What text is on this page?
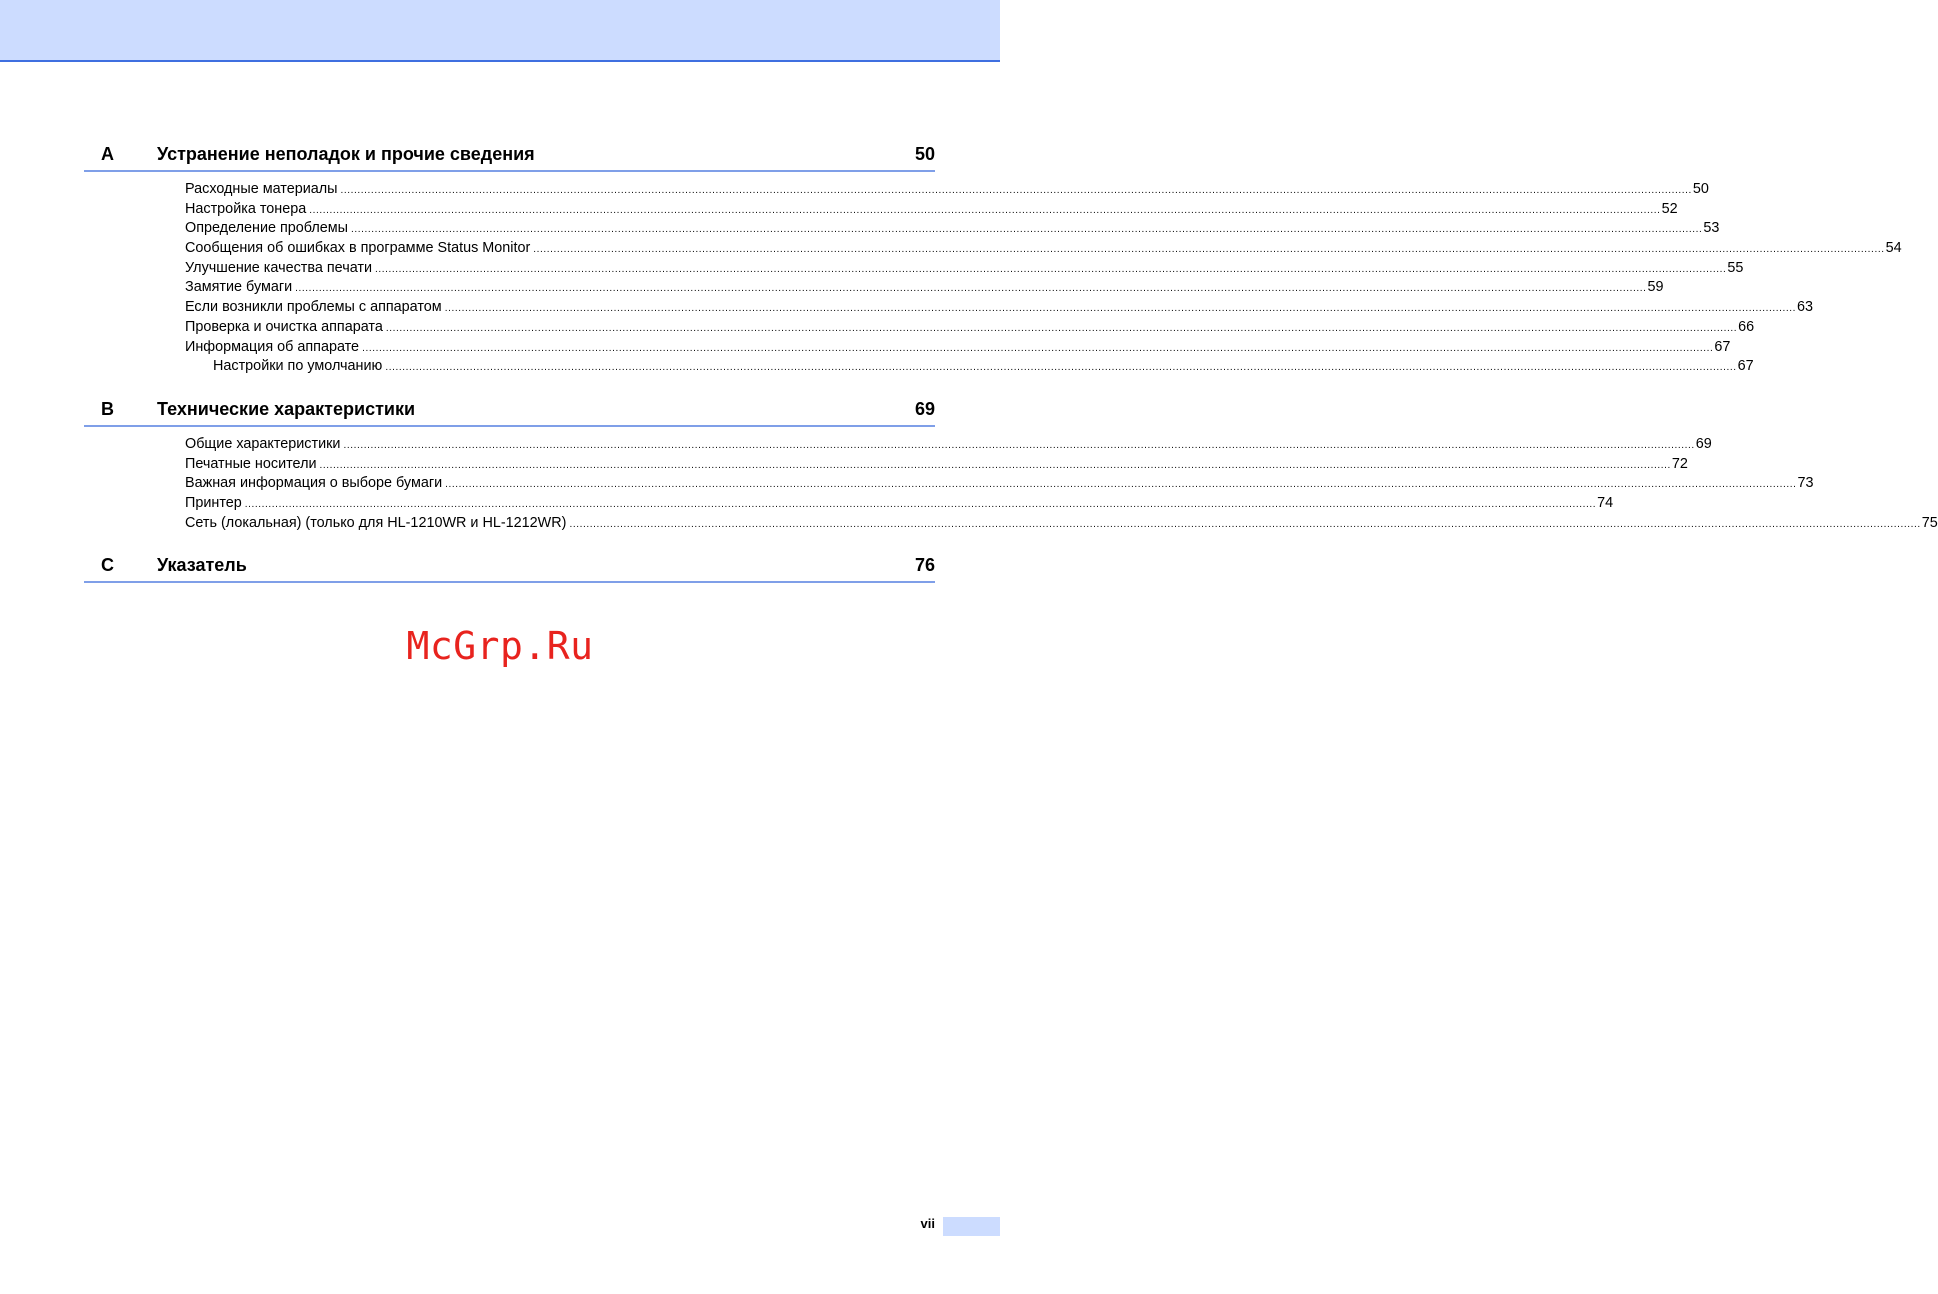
A Устранение неполадок и прочие сведения	50
Расходные материалы ................................................................................................................................................................................................................................................................................................................................................................................................................ 50
Настройка тонера ................................................................................................................................................................................................................................................................................................................................................................................................................ 52
Определение проблемы ................................................................................................................................................................................................................................................................................................................................................................................................................ 53
Сообщения об ошибках в программе Status Monitor ................................................................................................................................................................................................................................................................................................................................................................................................................ 54
Улучшение качества печати ................................................................................................................................................................................................................................................................................................................................................................................................................ 55
Замятие бумаги ................................................................................................................................................................................................................................................................................................................................................................................................................ 59
Если возникли проблемы с аппаратом ................................................................................................................................................................................................................................................................................................................................................................................................................ 63
Проверка и очистка аппарата ................................................................................................................................................................................................................................................................................................................................................................................................................ 66
Информация об аппарате ................................................................................................................................................................................................................................................................................................................................................................................................................ 67
Настройки по умолчанию ................................................................................................................................................................................................................................................................................................................................................................................................................ 67
B Технические характеристики	69
Общие характеристики ................................................................................................................................................................................................................................................................................................................................................................................................................ 69
Печатные носители ................................................................................................................................................................................................................................................................................................................................................................................................................ 72
Важная информация о выборе бумаги ................................................................................................................................................................................................................................................................................................................................................................................................................ 73
Принтер ................................................................................................................................................................................................................................................................................................................................................................................................................ 74
Сеть (локальная) (только для HL-1210WR и HL-1212WR) ................................................................................................................................................................................................................................................................................................................................................................................................................ 75
C Указатель	76
McGrp.Ru
vii
